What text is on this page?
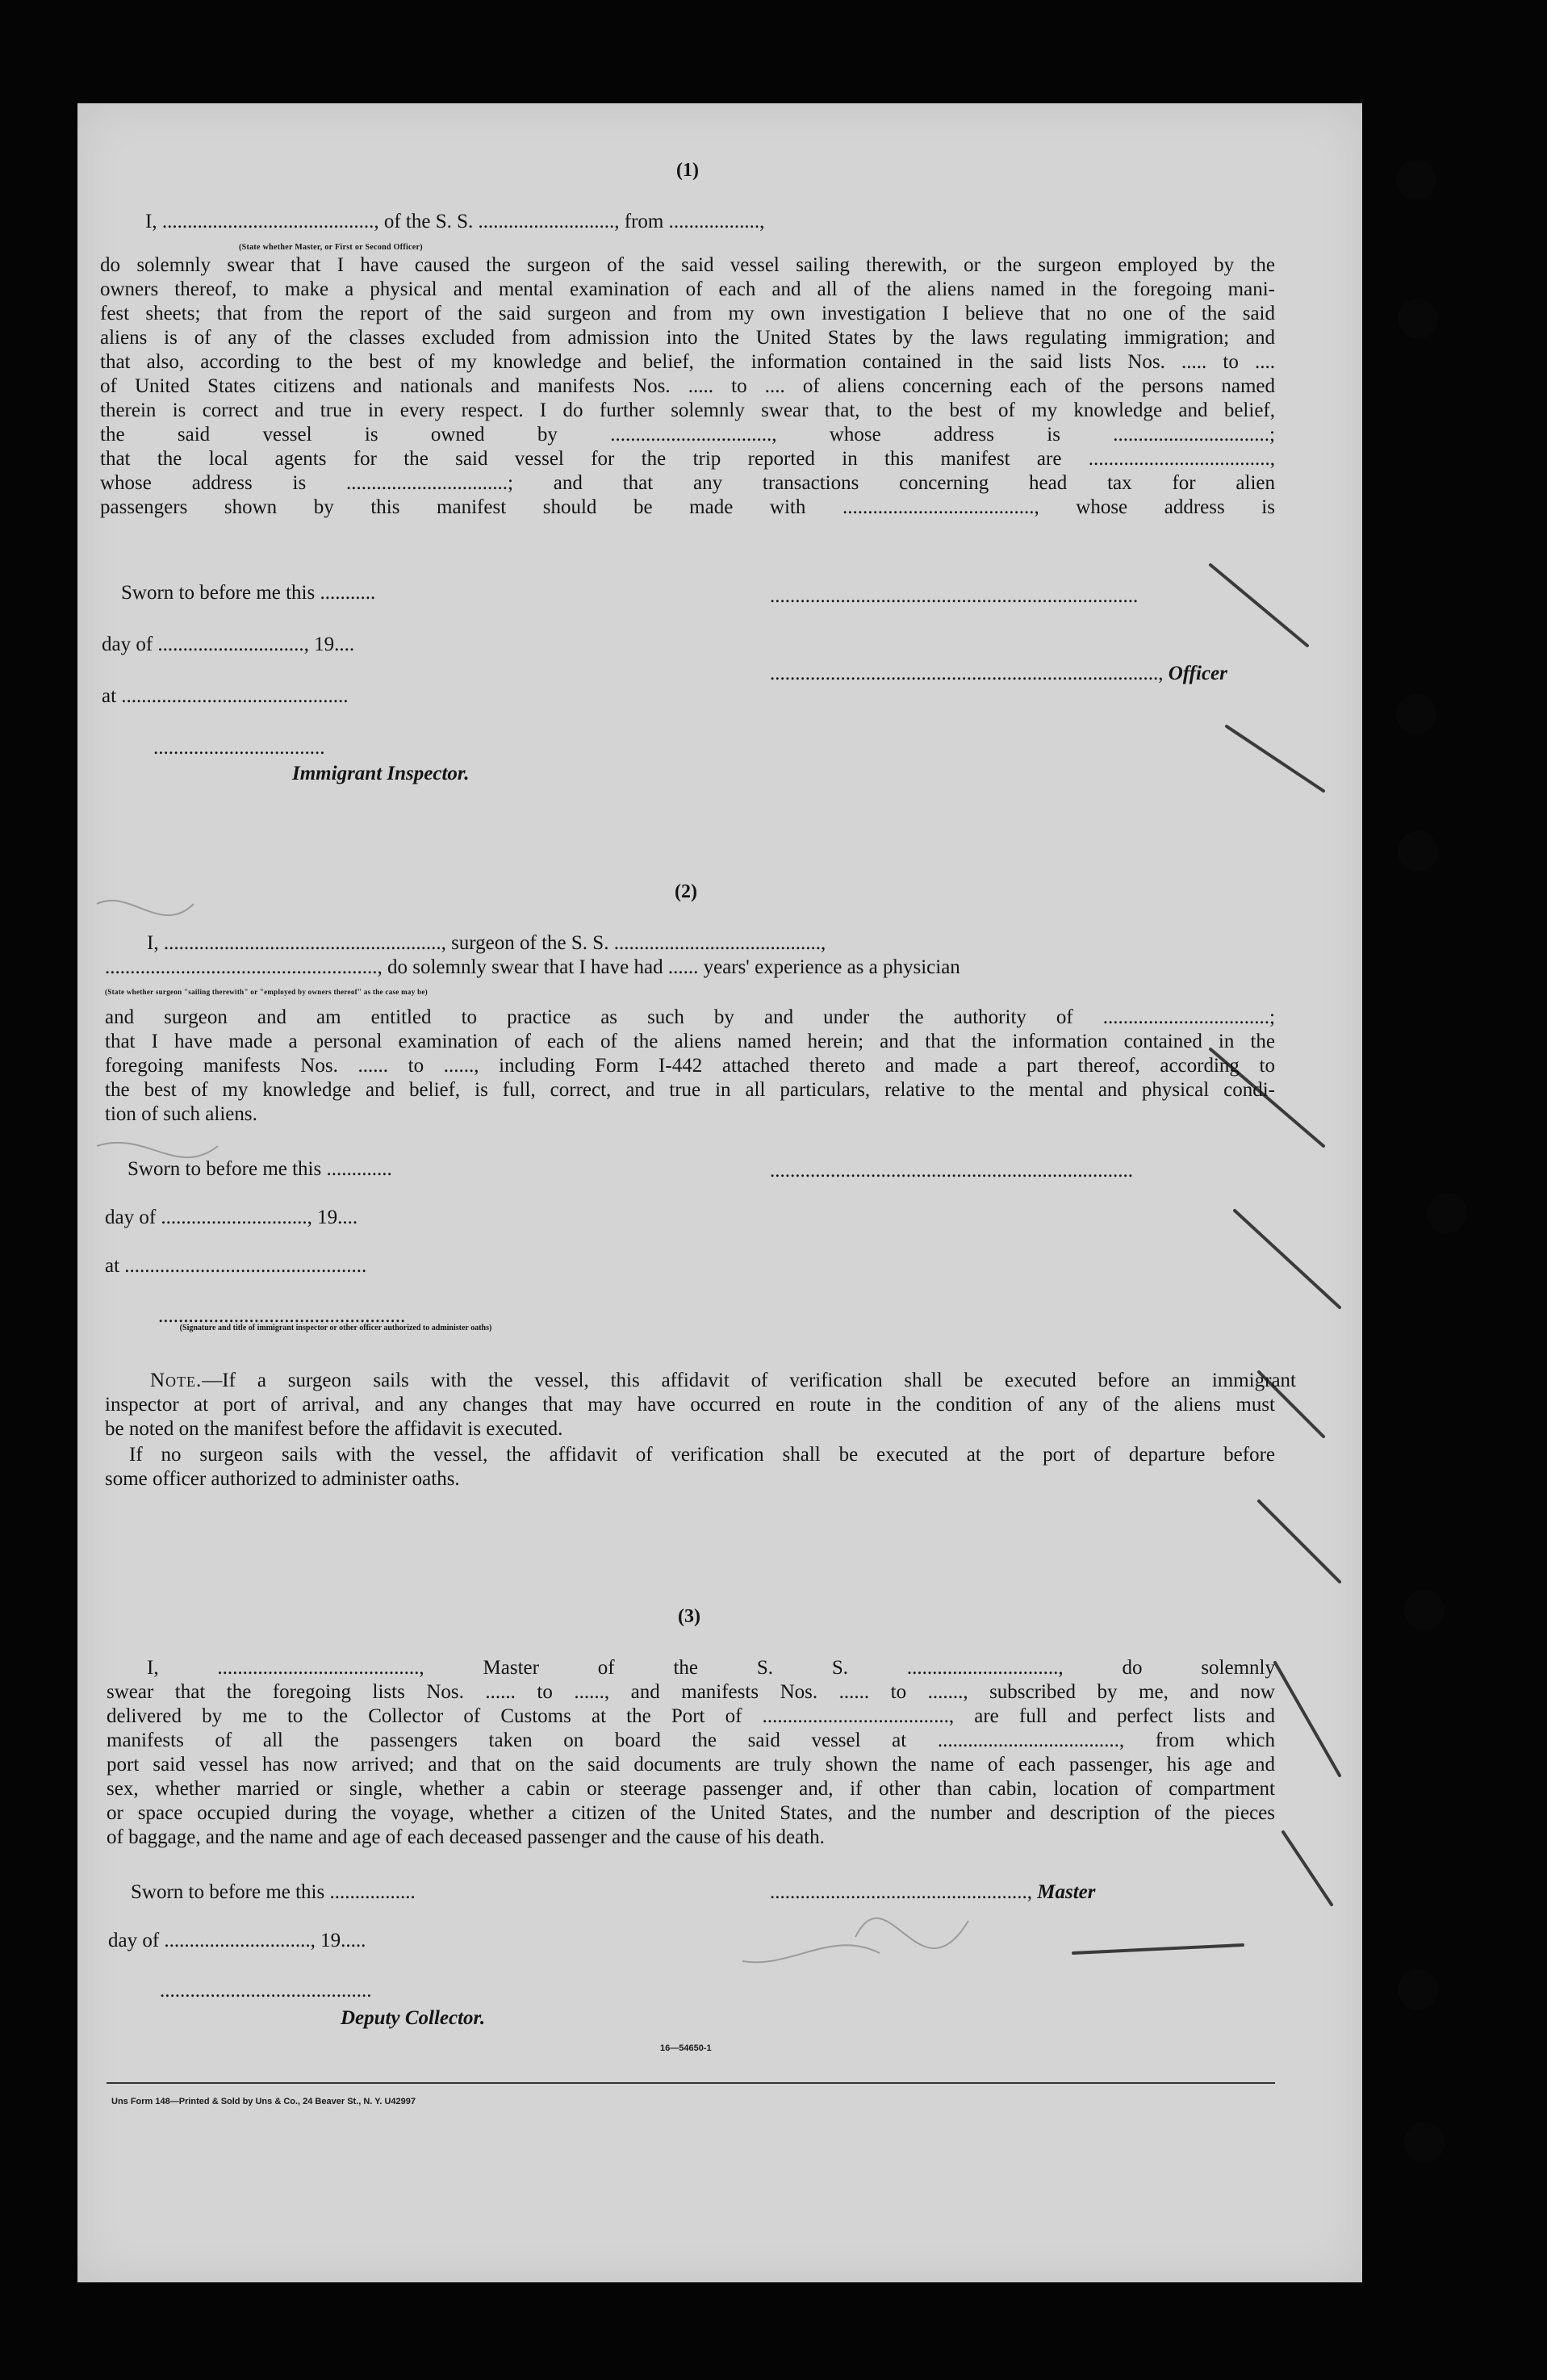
(1)
I, .........................................., of the S. S. ..........................., from ..................,
(State whether Master, or First or Second Officer)
do solemnly swear that I have caused the surgeon of the said vessel sailing therewith, or the surgeon employed by the
owners thereof, to make a physical and mental examination of each and all of the aliens named in the foregoing mani-
fest sheets; that from the report of the said surgeon and from my own investigation I believe that no one of the said
aliens is of any of the classes excluded from admission into the United States by the laws regulating immigration; and
that also, according to the best of my knowledge and belief, the information contained in the said lists Nos. ..... to ....
of United States citizens and nationals and manifests Nos. ..... to .... of aliens concerning each of the persons named
therein is correct and true in every respect. I do further solemnly swear that, to the best of my knowledge and belief,
the said vessel is owned by ................................, whose address is ...............................;
that the local agents for the said vessel for the trip reported in this manifest are ....................................,
whose address is ................................; and that any transactions concerning head tax for alien
passengers shown by this manifest should be made with ......................................, whose address is
Sworn to before me this ...........
day of ............................., 19....
at .............................................
..................................
Immigrant Inspector.
.........................................................................
............................................................................., Officer
(2)
I, ......................................................., surgeon of the S. S. .........................................,
......................................................, do solemnly swear that I have had ...... years' experience as a physician
(State whether surgeon "sailing therewith" or "employed by owners thereof" as the case may be)
and surgeon and am entitled to practice as such by and under the authority of .................................;
that I have made a personal examination of each of the aliens named herein; and that the information contained in the
foregoing manifests Nos. ...... to ......, including Form I-442 attached thereto and made a part thereof, according to
the best of my knowledge and belief, is full, correct, and true in all particulars, relative to the mental and physical condi-
tion of such aliens.
Sworn to before me this .............
day of ............................., 19....
at ................................................
.................................................
(Signature and title of immigrant inspector or other officer authorized to administer oaths)
........................................................................
Note.—If a surgeon sails with the vessel, this affidavit of verification shall be executed before an immigrant
inspector at port of arrival, and any changes that may have occurred en route in the condition of any of the aliens must
be noted on the manifest before the affidavit is executed.
If no surgeon sails with the vessel, the affidavit of verification shall be executed at the port of departure before
some officer authorized to administer oaths.
(3)
I, ........................................, Master of the S. S. .............................., do solemnly
swear that the foregoing lists Nos. ...... to ......, and manifests Nos. ...... to ......., subscribed by me, and now
delivered by me to the Collector of Customs at the Port of ....................................., are full and perfect lists and
manifests of all the passengers taken on board the said vessel at ...................................., from which
port said vessel has now arrived; and that on the said documents are truly shown the name of each passenger, his age and
sex, whether married or single, whether a cabin or steerage passenger and, if other than cabin, location of compartment
or space occupied during the voyage, whether a citizen of the United States, and the number and description of the pieces
of baggage, and the name and age of each deceased passenger and the cause of his death.
Sworn to before me this .................
day of ............................., 19.....
..........................................
Deputy Collector.
..................................................., Master
16—54650-1
Uns Form 148—Printed & Sold by Uns & Co., 24 Beaver St., N. Y. U42997
